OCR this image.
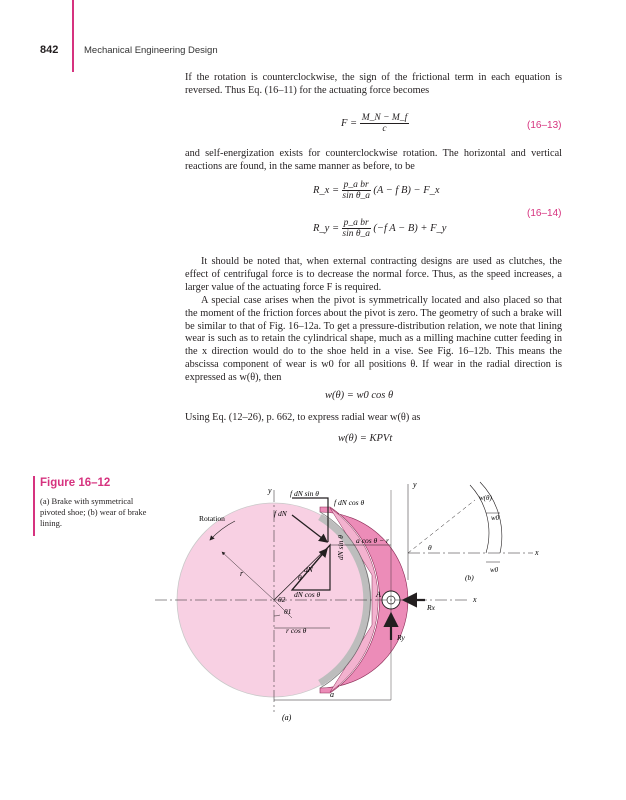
842	Mechanical Engineering Design

If the rotation is counterclockwise, the sign of the frictional term in each equation is reversed. Thus Eq. (16–11) for the actuating force becomes

$F = \frac{M\_N - M\_f}{c}$	(16–13)

and self-energization exists for counterclockwise rotation. The horizontal and vertical reactions are found, in the same manner as before, to be

R_x = $\frac{\text{p\_a br}}{\text{sin θ\_a}} (A - f$ B) − F_x
(16–14)
R_y = $\frac{\text{p\_a br}}{\text{sin θ\_a}} (-f$ A − B) + F_y

It should be noted that, when external contracting designs are used as clutches, the effect of centrifugal force is to decrease the normal force. Thus, as the speed increases, a larger value of the actuating force F is required.

A special case arises when the pivot is symmetrically located and also placed so that the moment of the friction forces about the pivot is zero. The geometry of such a brake will be similar to that of Fig. 16–12a. To get a pressure-distribution relation, we note that lining wear is such as to retain the cylindrical shape, much as a milling machine cutter feeding in the x direction would do to the shoe held in a vise. See Fig. 16–12b. This means the abscissa component of wear is w0 for all positions θ. If wear in the radial direction is expressed as w(θ), then

w(θ) = w0 cos θ

Using Eq. (12–26), p. 662, to express radial wear w(θ) as

w(θ) = KPVt
Figure 16–12
(a) Brake with symmetrical pivoted shoe; (b) wear of brake lining.
y f dN sin θ
f dN cos θ
Rotation
f dN
a cos θ − r
r	dN
θ
dN sin θ
dN cos θ
θ2
θ1
A
x
Rx
r cos θ
Ry
a
(a)
y
w(θ)
w0
θ
x
w0
(b)
